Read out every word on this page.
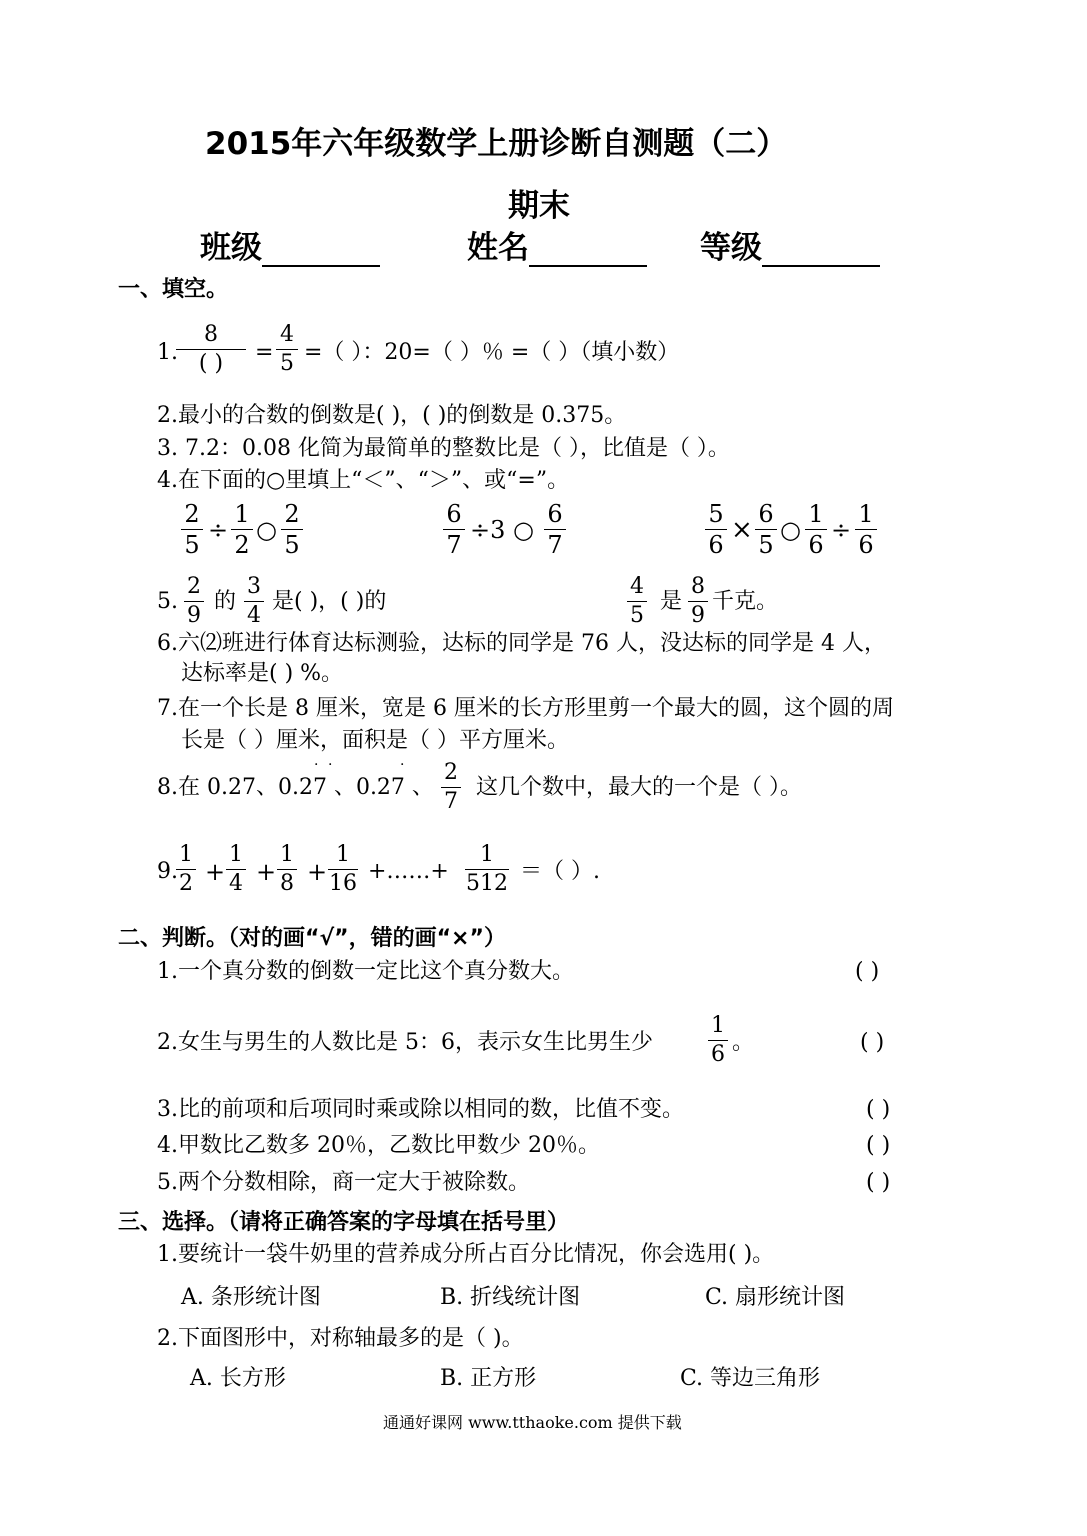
2015年六年级数学上册诊断自测题（二）
期末
班级	姓名	等级
一、填空。
1.
8
( )	=
4
5 =（ ）：20=（ ）％ =（ ）（填小数）
2.最小的合数的倒数是( )，( )的倒数是 0.375。
3. 7.2：0.08 化简为最简单的整数比是（ ），比值是（ ）。
4.在下面的○里填上“＜”、“＞”、或“=”。
2
5
÷
1
2
○
2
5
6
7
÷3 ○
6
7
5
6 ×
6
5
○
1
6
÷
1
6
5.
2
9
的
3
4
是( )，( )的
4
5
是
8
9
千克。
6.六⑵班进行体育达标测验，达标的同学是 76 人，没达标的同学是 4 人，
达标率是( ) %。
7.在一个长是 8 厘米，宽是 6 厘米的长方形里剪一个最大的圆，这个圆的周
长是（ ）厘米，面积是（ ）平方厘米。
8.在 0.27、0.27 、0.27 、
· ·	· 2
7
这几个数中，最大的一个是（ ）。
9.
1
2 +
1
4 +
1
8 +
1
16 +……+
1
512 ＝（ ）.
二、判断。（对的画“√”，错的画“×”）
1.一个真分数的倒数一定比这个真分数大。	( )
2.女生与男生的人数比是 5：6，表示女生比男生少
1
6 。	( )
3.比的前项和后项同时乘或除以相同的数，比值不变。	( )
4.甲数比乙数多 20％，乙数比甲数少 20％。	( )
5.两个分数相除，商一定大于被除数。	( )
三、选择。（请将正确答案的字母填在括号里）
1.要统计一袋牛奶里的营养成分所占百分比情况，你会选用( )。
A. 条形统计图	B. 折线统计图	C. 扇形统计图
2.下面图形中，对称轴最多的是（ )。
A. 长方形	B. 正方形	C. 等边三角形
通通好课网 www.tthaoke.com 提供下载
